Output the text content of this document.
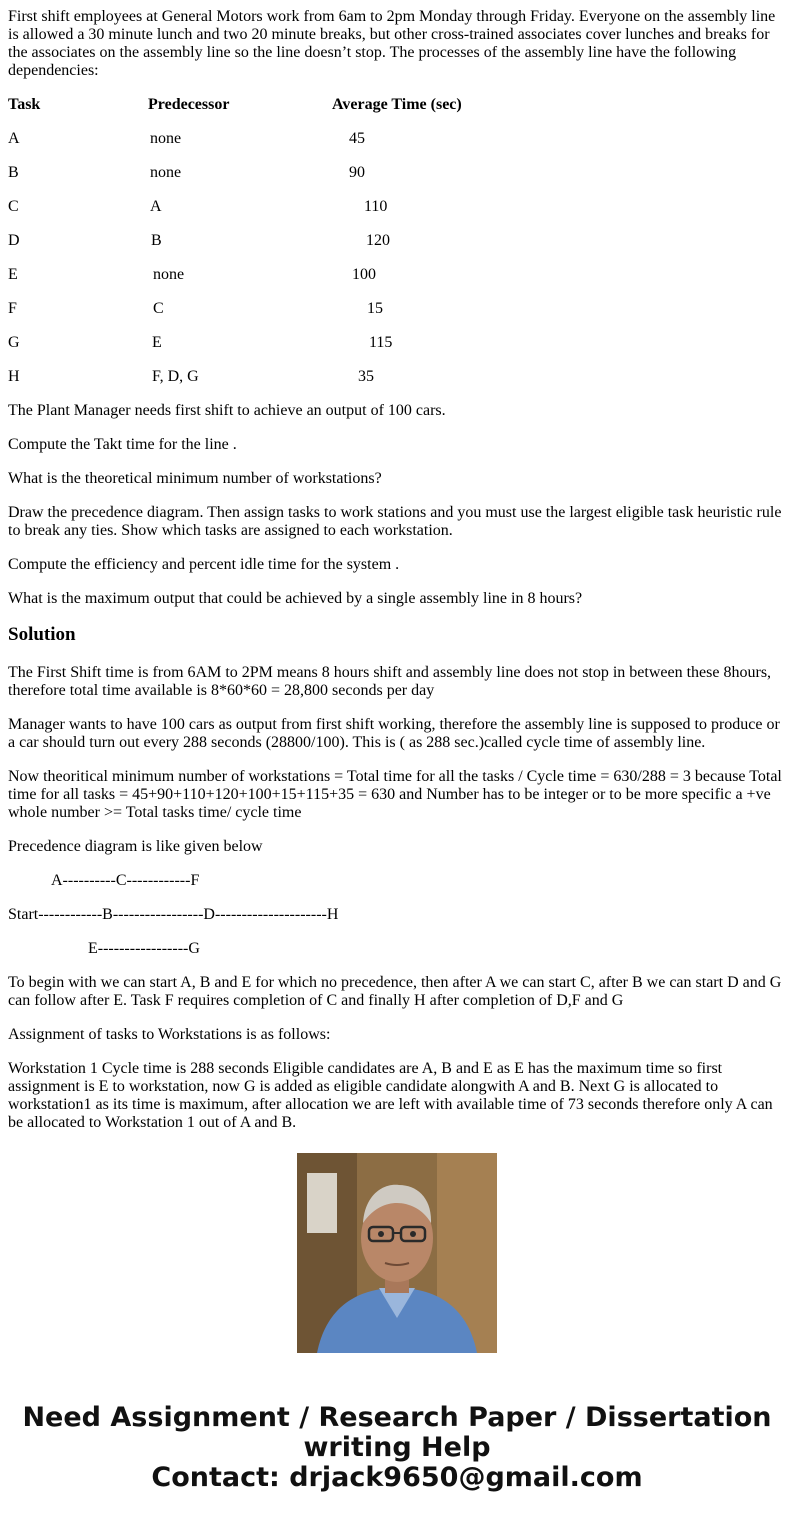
First shift employees at General Motors work from 6am to 2pm Monday through Friday. Everyone on the assembly line is allowed a 30 minute lunch and two 20 minute breaks, but other cross-trained associates cover lunches and breaks for the associates on the assembly line so the line doesn’t stop. The processes of the assembly line have the following dependencies:

Task	Predecessor	Average Time (sec)
A	none	45
B	none	90
C	A	110
D	B	120
E	none	100
F	C	15
G	E	115
H	F, D, G	35

The Plant Manager needs first shift to achieve an output of 100 cars.

Compute the Takt time for the line .

What is the theoretical minimum number of workstations?

Draw the precedence diagram. Then assign tasks to work stations and you must use the largest eligible task heuristic rule to break any ties. Show which tasks are assigned to each workstation.

Compute the efficiency and percent idle time for the system .

What is the maximum output that could be achieved by a single assembly line in 8 hours?

Solution

The First Shift time is from 6AM to 2PM means 8 hours shift and assembly line does not stop in between these 8hours, therefore total time available is 8*60*60 = 28,800 seconds per day

Manager wants to have 100 cars as output from first shift working, therefore the assembly line is supposed to produce or a car should turn out every 288 seconds (28800/100). This is ( as 288 sec.)called cycle time of assembly line.

Now theoritical minimum number of workstations = Total time for all the tasks / Cycle time = 630/288 = 3 because Total time for all tasks = 45+90+110+120+100+15+115+35 = 630 and Number has to be integer or to be more specific a +ve whole number >= Total tasks time/ cycle time

Precedence diagram is like given below

A----------C------------F
Start------------B-----------------D---------------------H
E-----------------G

To begin with we can start A, B and E for which no precedence, then after A we can start C, after B we can start D and G can follow after E. Task F requires completion of C and finally H after completion of D,F and G

Assignment of tasks to Workstations is as follows:

Workstation 1 Cycle time is 288 seconds Eligible candidates are A, B and E as E has the maximum time so first assignment is E to workstation, now G is added as eligible candidate alongwith A and B. Next G is allocated to workstation1 as its time is maximum, after allocation we are left with available time of 73 seconds therefore only A can be allocated to Workstation 1 out of A and B.

Need Assignment / Research Paper / Dissertation
writing Help
Contact: drjack9650@gmail.com
